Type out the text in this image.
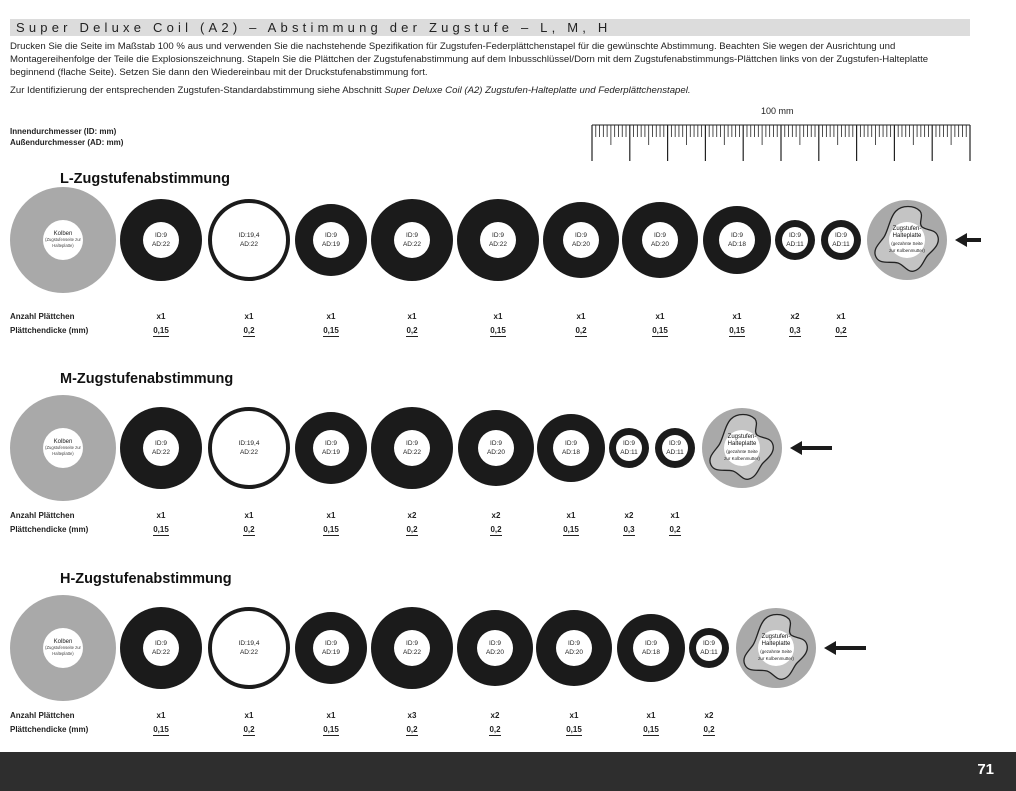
Super Deluxe Coil (A2) – Abstimmung der Zugstufe – L, M, H

Drucken Sie die Seite im Maßstab 100 % aus und verwenden Sie die nachstehende Spezifikation für Zugstufen-Federplättchenstapel für die gewünschte Abstimmung. Beachten Sie wegen der Ausrichtung und Montagereihenfolge der Teile die Explosionszeichnung. Stapeln Sie die Plättchen der Zugstufenabstimmung auf dem Inbusschlüssel/Dorn mit dem Zugstufenabstimmungs-Plättchen links von der Zugstufen-Halteplatte beginnend (flache Seite). Setzen Sie dann den Wiedereinbau mit der Druckstufenabstimmung fort.

Zur Identifizierung der entsprechenden Zugstufen-Standardabstimmung siehe Abschnitt Super Deluxe Coil (A2) Zugstufen-Halteplatte und Federplättchenstapel.

Innendurchmesser (ID: mm)
Außendurchmesser (AD: mm)
100 mm
L-Zugstufenabstimmung
Kolben
(Zugstufenseite zur
Halteplatte)
ID:9
AD:22
x1
0,15
ID:19,4
AD:22
x1
0,2
ID:9
AD:19
x1
0,15
ID:9
AD:22
x1
0,2
ID:9
AD:22
x1
0,15
ID:9
AD:20
x1
0,2
ID:9
AD:20
x1
0,15
ID:9
AD:18
x1
0,15
ID:9
AD:11
x2
0,3
ID:9
AD:11
x1
0,2
Anzahl Plättchen
Plättchendicke (mm)
Zugstufen-
Halteplatte
(gezahnte Seite
zur Kolbenmutter)
M-Zugstufenabstimmung
Kolben
(Zugstufenseite zur
Halteplatte)
ID:9
AD:22
x1
0,15
ID:19,4
AD:22
x1
0,2
ID:9
AD:19
x1
0,15
ID:9
AD:22
x2
0,2
ID:9
AD:20
x2
0,2
ID:9
AD:18
x1
0,15
ID:9
AD:11
x2
0,3
ID:9
AD:11
x1
0,2
Anzahl Plättchen
Plättchendicke (mm)
Zugstufen-
Halteplatte
(gezahnte Seite
zur Kolbenmutter)
H-Zugstufenabstimmung
Kolben
(Zugstufenseite zur
Halteplatte)
ID:9
AD:22
x1
0,15
ID:19,4
AD:22
x1
0,2
ID:9
AD:19
x1
0,15
ID:9
AD:22
x3
0,2
ID:9
AD:20
x2
0,2
ID:9
AD:20
x1
0,15
ID:9
AD:18
x1
0,15
ID:9
AD:11
x2
0,2
Anzahl Plättchen
Plättchendicke (mm)
Zugstufen-
Halteplatte
(gezahnte Seite
zur Kolbenmutter)
71
